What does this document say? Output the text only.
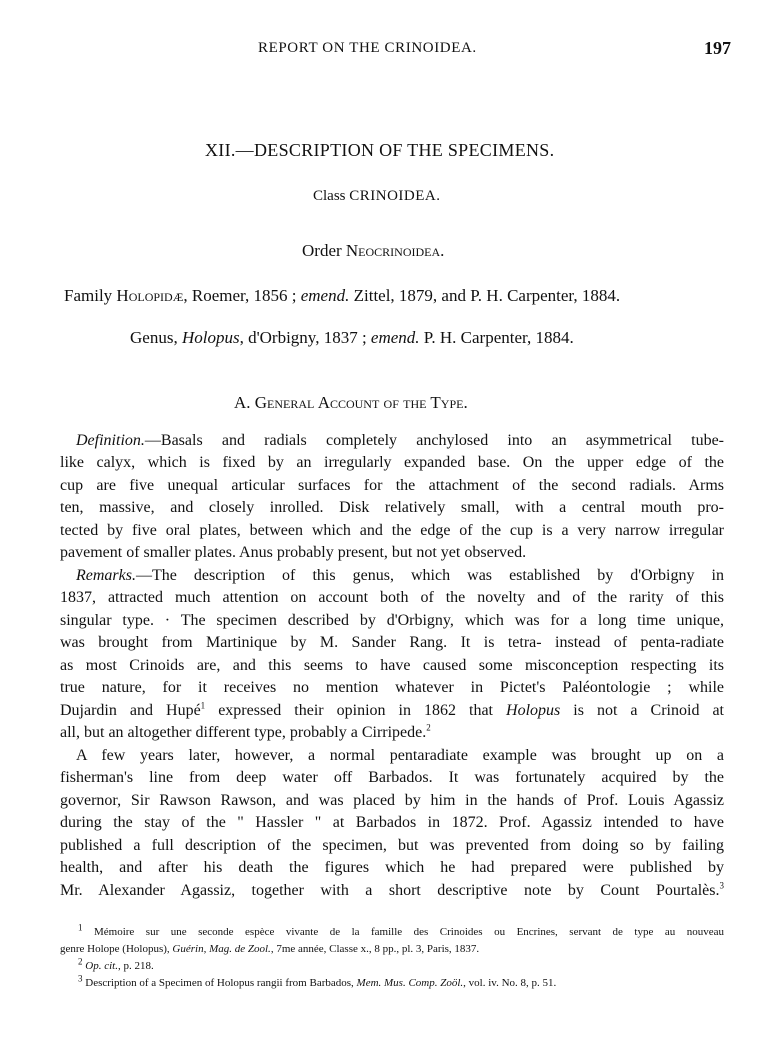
REPORT ON THE CRINOIDEA.	197
XII.—DESCRIPTION OF THE SPECIMENS.
Class CRINOIDEA.
Order Neocrinoidea.
Family Holopidæ, Roemer, 1856 ; emend. Zittel, 1879, and P. H. Carpenter, 1884.
Genus, Holopus, d'Orbigny, 1837 ; emend. P. H. Carpenter, 1884.
A. General Account of the Type.
Definition.—Basals and radials completely anchylosed into an asymmetrical tube-
like calyx, which is fixed by an irregularly expanded base. On the upper edge of the
cup are five unequal articular surfaces for the attachment of the second radials. Arms
ten, massive, and closely inrolled. Disk relatively small, with a central mouth pro-
tected by five oral plates, between which and the edge of the cup is a very narrow irregular
pavement of smaller plates. Anus probably present, but not yet observed.
Remarks.—The description of this genus, which was established by d'Orbigny in
1837, attracted much attention on account both of the novelty and of the rarity of this
singular type. · The specimen described by d'Orbigny, which was for a long time unique,
was brought from Martinique by M. Sander Rang. It is tetra- instead of penta-radiate
as most Crinoids are, and this seems to have caused some misconception respecting its
true nature, for it receives no mention whatever in Pictet's Paléontologie ; while
Dujardin and Hupé$^1$ expressed their opinion in 1862 that Holopus is not a Crinoid at
all, but an altogether different type, probably a Cirripede.$^2$
A few years later, however, a normal pentaradiate example was brought up on a
fisherman's line from deep water off Barbados. It was fortunately acquired by the
governor, Sir Rawson Rawson, and was placed by him in the hands of Prof. Louis Agassiz
during the stay of the " Hassler " at Barbados in 1872. Prof. Agassiz intended to have
published a full description of the specimen, but was prevented from doing so by failing
health, and after his death the figures which he had prepared were published by
Mr. Alexander Agassiz, together with a short descriptive note by Count Pourtalès.$^3$
$^1$ Mémoire sur une seconde espèce vivante de la famille des Crinoides ou Encrines, servant de type au nouveau
genre Holope (Holopus), Guérin, Mag. de Zool., 7me année, Classe x., 8 pp., pl. 3, Paris, 1837.
$^2$ Op. cit., p. 218.
$^3$ Description of a Specimen of Holopus rangii from Barbados, Mem. Mus. Comp. Zoöl., vol. iv. No. 8, p. 51.
